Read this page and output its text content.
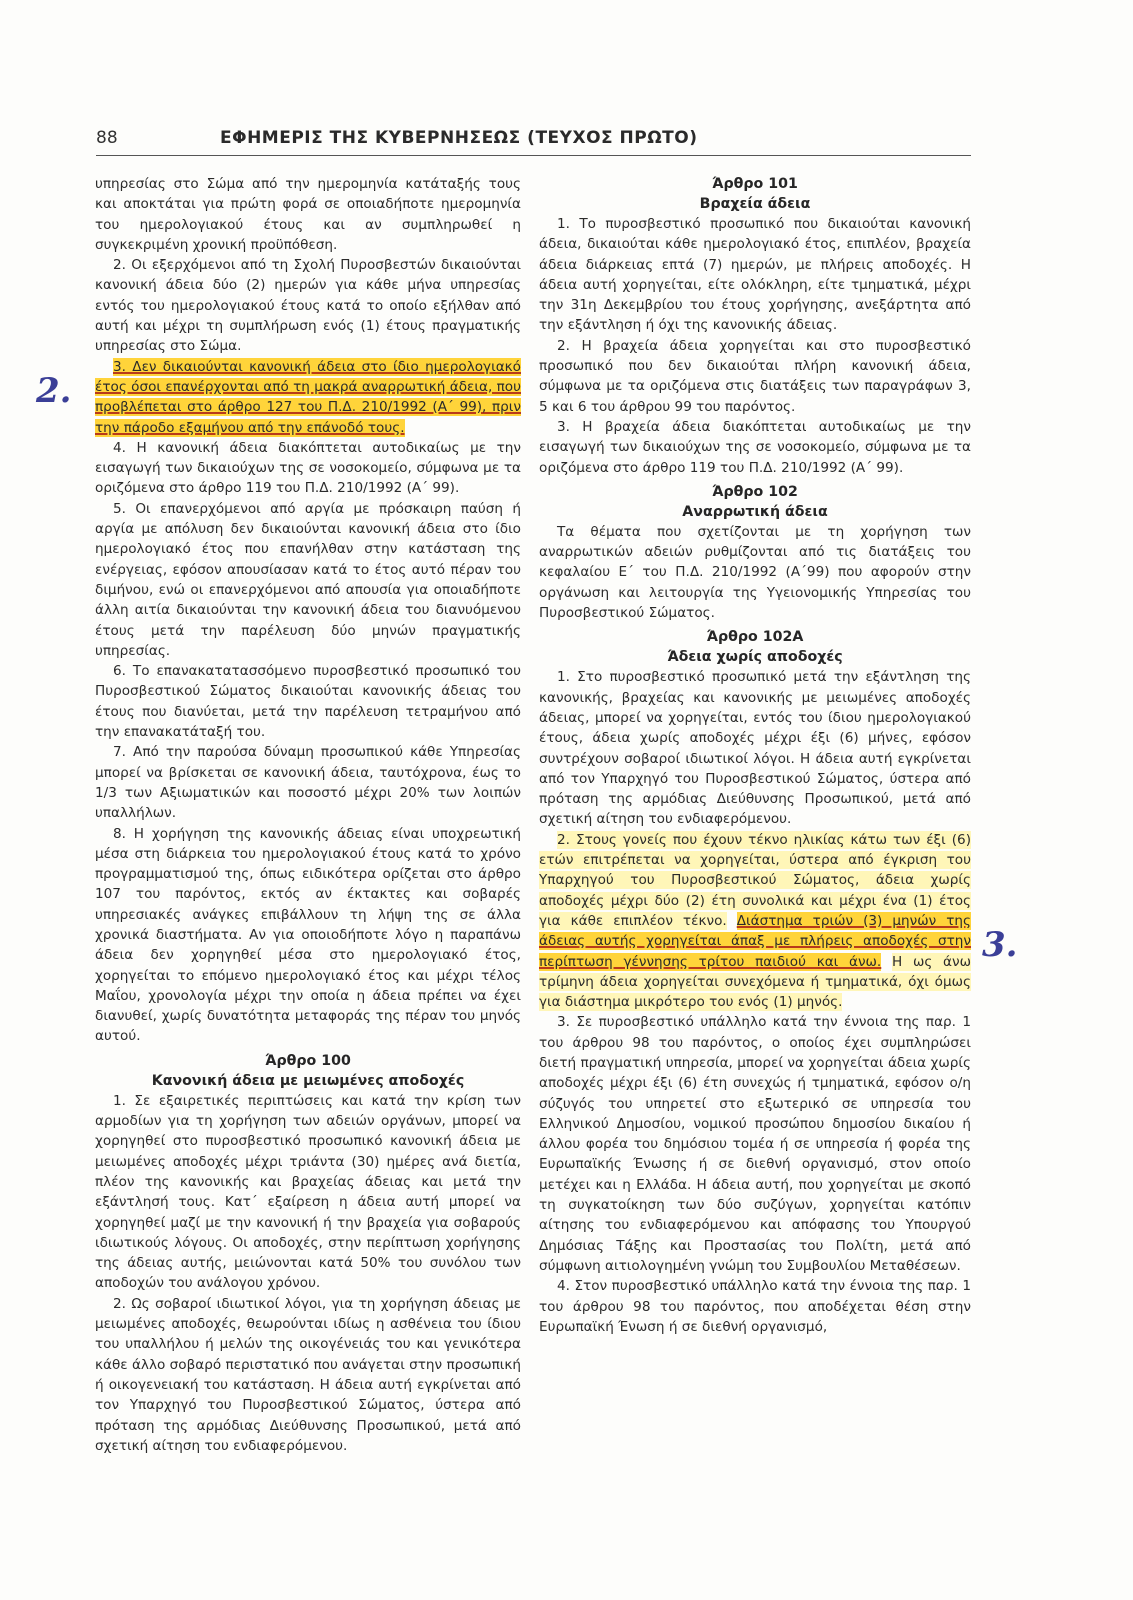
88	ΕΦΗΜΕΡΙΣ ΤΗΣ ΚΥΒΕΡΝΗΣΕΩΣ (ΤΕΥΧΟΣ ΠΡΩΤΟ)
2.
3.

υπηρεσίας στο Σώμα από την ημερομηνία κατάταξής τους και αποκτάται για πρώτη φορά σε οποιαδήποτε ημερομηνία του ημερολογιακού έτους και αν συμπληρωθεί η συγκεκριμένη χρονική προϋπόθεση.

2. Οι εξερχόμενοι από τη Σχολή Πυροσβεστών δικαιούνται κανονική άδεια δύο (2) ημερών για κάθε μήνα υπηρεσίας εντός του ημερολογιακού έτους κατά το οποίο εξήλθαν από αυτή και μέχρι τη συμπλήρωση ενός (1) έτους πραγματικής υπηρεσίας στο Σώμα.

3. Δεν δικαιούνται κανονική άδεια στο ίδιο ημερολογιακό έτος όσοι επανέρχονται από τη μακρά αναρρωτική άδεια, που προβλέπεται στο άρθρο 127 του Π.Δ. 210/1992 (Α΄ 99), πριν την πάροδο εξαμήνου από την επάνοδό τους.

4. Η κανονική άδεια διακόπτεται αυτοδικαίως με την εισαγωγή των δικαιούχων της σε νοσοκομείο, σύμφωνα με τα οριζόμενα στο άρθρο 119 του Π.Δ. 210/1992 (Α΄ 99).

5. Οι επανερχόμενοι από αργία με πρόσκαιρη παύση ή αργία με απόλυση δεν δικαιούνται κανονική άδεια στο ίδιο ημερολογιακό έτος που επανήλθαν στην κατάσταση της ενέργειας, εφόσον απουσίασαν κατά το έτος αυτό πέραν του διμήνου, ενώ οι επανερχόμενοι από απουσία για οποιαδήποτε άλλη αιτία δικαιούνται την κανονική άδεια του διανυόμενου έτους μετά την παρέλευση δύο μηνών πραγματικής υπηρεσίας.

6. Το επανακατατασσόμενο πυροσβεστικό προσωπικό του Πυροσβεστικού Σώματος δικαιούται κανονικής άδειας του έτους που διανύεται, μετά την παρέλευση τετραμήνου από την επανακατάταξή του.

7. Από την παρούσα δύναμη προσωπικού κάθε Υπηρεσίας μπορεί να βρίσκεται σε κανονική άδεια, ταυτόχρονα, έως το 1/3 των Αξιωματικών και ποσοστό μέχρι 20% των λοιπών υπαλλήλων.

8. Η χορήγηση της κανονικής άδειας είναι υποχρεωτική μέσα στη διάρκεια του ημερολογιακού έτους κατά το χρόνο προγραμματισμού της, όπως ειδικότερα ορίζεται στο άρθρο 107 του παρόντος, εκτός αν έκτακτες και σοβαρές υπηρεσιακές ανάγκες επιβάλλουν τη λήψη της σε άλλα χρονικά διαστήματα. Αν για οποιοδήποτε λόγο η παραπάνω άδεια δεν χορηγηθεί μέσα στο ημερολογιακό έτος, χορηγείται το επόμενο ημερολογιακό έτος και μέχρι τέλος Μαΐου, χρονολογία μέχρι την οποία η άδεια πρέπει να έχει διανυθεί, χωρίς δυνατότητα μεταφοράς της πέραν του μηνός αυτού.

Άρθρο 100
Κανονική άδεια με μειωμένες αποδοχές

1. Σε εξαιρετικές περιπτώσεις και κατά την κρίση των αρμοδίων για τη χορήγηση των αδειών οργάνων, μπορεί να χορηγηθεί στο πυροσβεστικό προσωπικό κανονική άδεια με μειωμένες αποδοχές μέχρι τριάντα (30) ημέρες ανά διετία, πλέον της κανονικής και βραχείας άδειας και μετά την εξάντλησή τους. Κατ΄ εξαίρεση η άδεια αυτή μπορεί να χορηγηθεί μαζί με την κανονική ή την βραχεία για σοβαρούς ιδιωτικούς λόγους. Οι αποδοχές, στην περίπτωση χορήγησης της άδειας αυτής, μειώνονται κατά 50% του συνόλου των αποδοχών του ανάλογου χρόνου.

2. Ως σοβαροί ιδιωτικοί λόγοι, για τη χορήγηση άδειας με μειωμένες αποδοχές, θεωρούνται ιδίως η ασθένεια του ίδιου του υπαλλήλου ή μελών της οικογένειάς του και γενικότερα κάθε άλλο σοβαρό περιστατικό που ανάγεται στην προσωπική ή οικογενειακή του κατάσταση. Η άδεια αυτή εγκρίνεται από τον Υπαρχηγό του Πυροσβεστικού Σώματος, ύστερα από πρόταση της αρμόδιας Διεύθυνσης Προσωπικού, μετά από σχετική αίτηση του ενδιαφερόμενου.

Άρθρο 101
Βραχεία άδεια

1. Το πυροσβεστικό προσωπικό που δικαιούται κανονική άδεια, δικαιούται κάθε ημερολογιακό έτος, επιπλέον, βραχεία άδεια διάρκειας επτά (7) ημερών, με πλήρεις αποδοχές. Η άδεια αυτή χορηγείται, είτε ολόκληρη, είτε τμηματικά, μέχρι την 31η Δεκεμβρίου του έτους χορήγησης, ανεξάρτητα από την εξάντληση ή όχι της κανονικής άδειας.

2. Η βραχεία άδεια χορηγείται και στο πυροσβεστικό προσωπικό που δεν δικαιούται πλήρη κανονική άδεια, σύμφωνα με τα οριζόμενα στις διατάξεις των παραγράφων 3, 5 και 6 του άρθρου 99 του παρόντος.

3. Η βραχεία άδεια διακόπτεται αυτοδικαίως με την εισαγωγή των δικαιούχων της σε νοσοκομείο, σύμφωνα με τα οριζόμενα στο άρθρο 119 του Π.Δ. 210/1992 (Α΄ 99).

Άρθρο 102
Αναρρωτική άδεια

Τα θέματα που σχετίζονται με τη χορήγηση των αναρρωτικών αδειών ρυθμίζονται από τις διατάξεις του κεφαλαίου Ε΄ του Π.Δ. 210/1992 (Α΄99) που αφορούν στην οργάνωση και λειτουργία της Υγειονομικής Υπηρεσίας του Πυροσβεστικού Σώματος.

Άρθρο 102Α
Άδεια χωρίς αποδοχές

1. Στο πυροσβεστικό προσωπικό μετά την εξάντληση της κανονικής, βραχείας και κανονικής με μειωμένες αποδοχές άδειας, μπορεί να χορηγείται, εντός του ίδιου ημερολογιακού έτους, άδεια χωρίς αποδοχές μέχρι έξι (6) μήνες, εφόσον συντρέχουν σοβαροί ιδιωτικοί λόγοι. Η άδεια αυτή εγκρίνεται από τον Υπαρχηγό του Πυροσβεστικού Σώματος, ύστερα από πρόταση της αρμόδιας Διεύθυνσης Προσωπικού, μετά από σχετική αίτηση του ενδιαφερόμενου.

2. Στους γονείς που έχουν τέκνο ηλικίας κάτω των έξι (6) ετών επιτρέπεται να χορηγείται, ύστερα από έγκριση του Υπαρχηγού του Πυροσβεστικού Σώματος, άδεια χωρίς αποδοχές μέχρι δύο (2) έτη συνολικά και μέχρι ένα (1) έτος για κάθε επιπλέον τέκνο. Διάστημα τριών (3) μηνών της άδειας αυτής χορηγείται άπαξ με πλήρεις αποδοχές στην περίπτωση γέννησης τρίτου παιδιού και άνω. Η ως άνω τρίμηνη άδεια χορηγείται συνεχόμενα ή τμηματικά, όχι όμως για διάστημα μικρότερο του ενός (1) μηνός.

3. Σε πυροσβεστικό υπάλληλο κατά την έννοια της παρ. 1 του άρθρου 98 του παρόντος, ο οποίος έχει συμπληρώσει διετή πραγματική υπηρεσία, μπορεί να χορηγείται άδεια χωρίς αποδοχές μέχρι έξι (6) έτη συνεχώς ή τμηματικά, εφόσον ο/η σύζυγός του υπηρετεί στο εξωτερικό σε υπηρεσία του Ελληνικού Δημοσίου, νομικού προσώπου δημοσίου δικαίου ή άλλου φορέα του δημόσιου τομέα ή σε υπηρεσία ή φορέα της Ευρωπαϊκής Ένωσης ή σε διεθνή οργανισμό, στον οποίο μετέχει και η Ελλάδα. Η άδεια αυτή, που χορηγείται με σκοπό τη συγκατοίκηση των δύο συζύγων, χορηγείται κατόπιν αίτησης του ενδιαφερόμενου και απόφασης του Υπουργού Δημόσιας Τάξης και Προστασίας του Πολίτη, μετά από σύμφωνη αιτιολογημένη γνώμη του Συμβουλίου Μεταθέσεων.

4. Στον πυροσβεστικό υπάλληλο κατά την έννοια της παρ. 1 του άρθρου 98 του παρόντος, που αποδέχεται θέση στην Ευρωπαϊκή Ένωση ή σε διεθνή οργανισμό,
